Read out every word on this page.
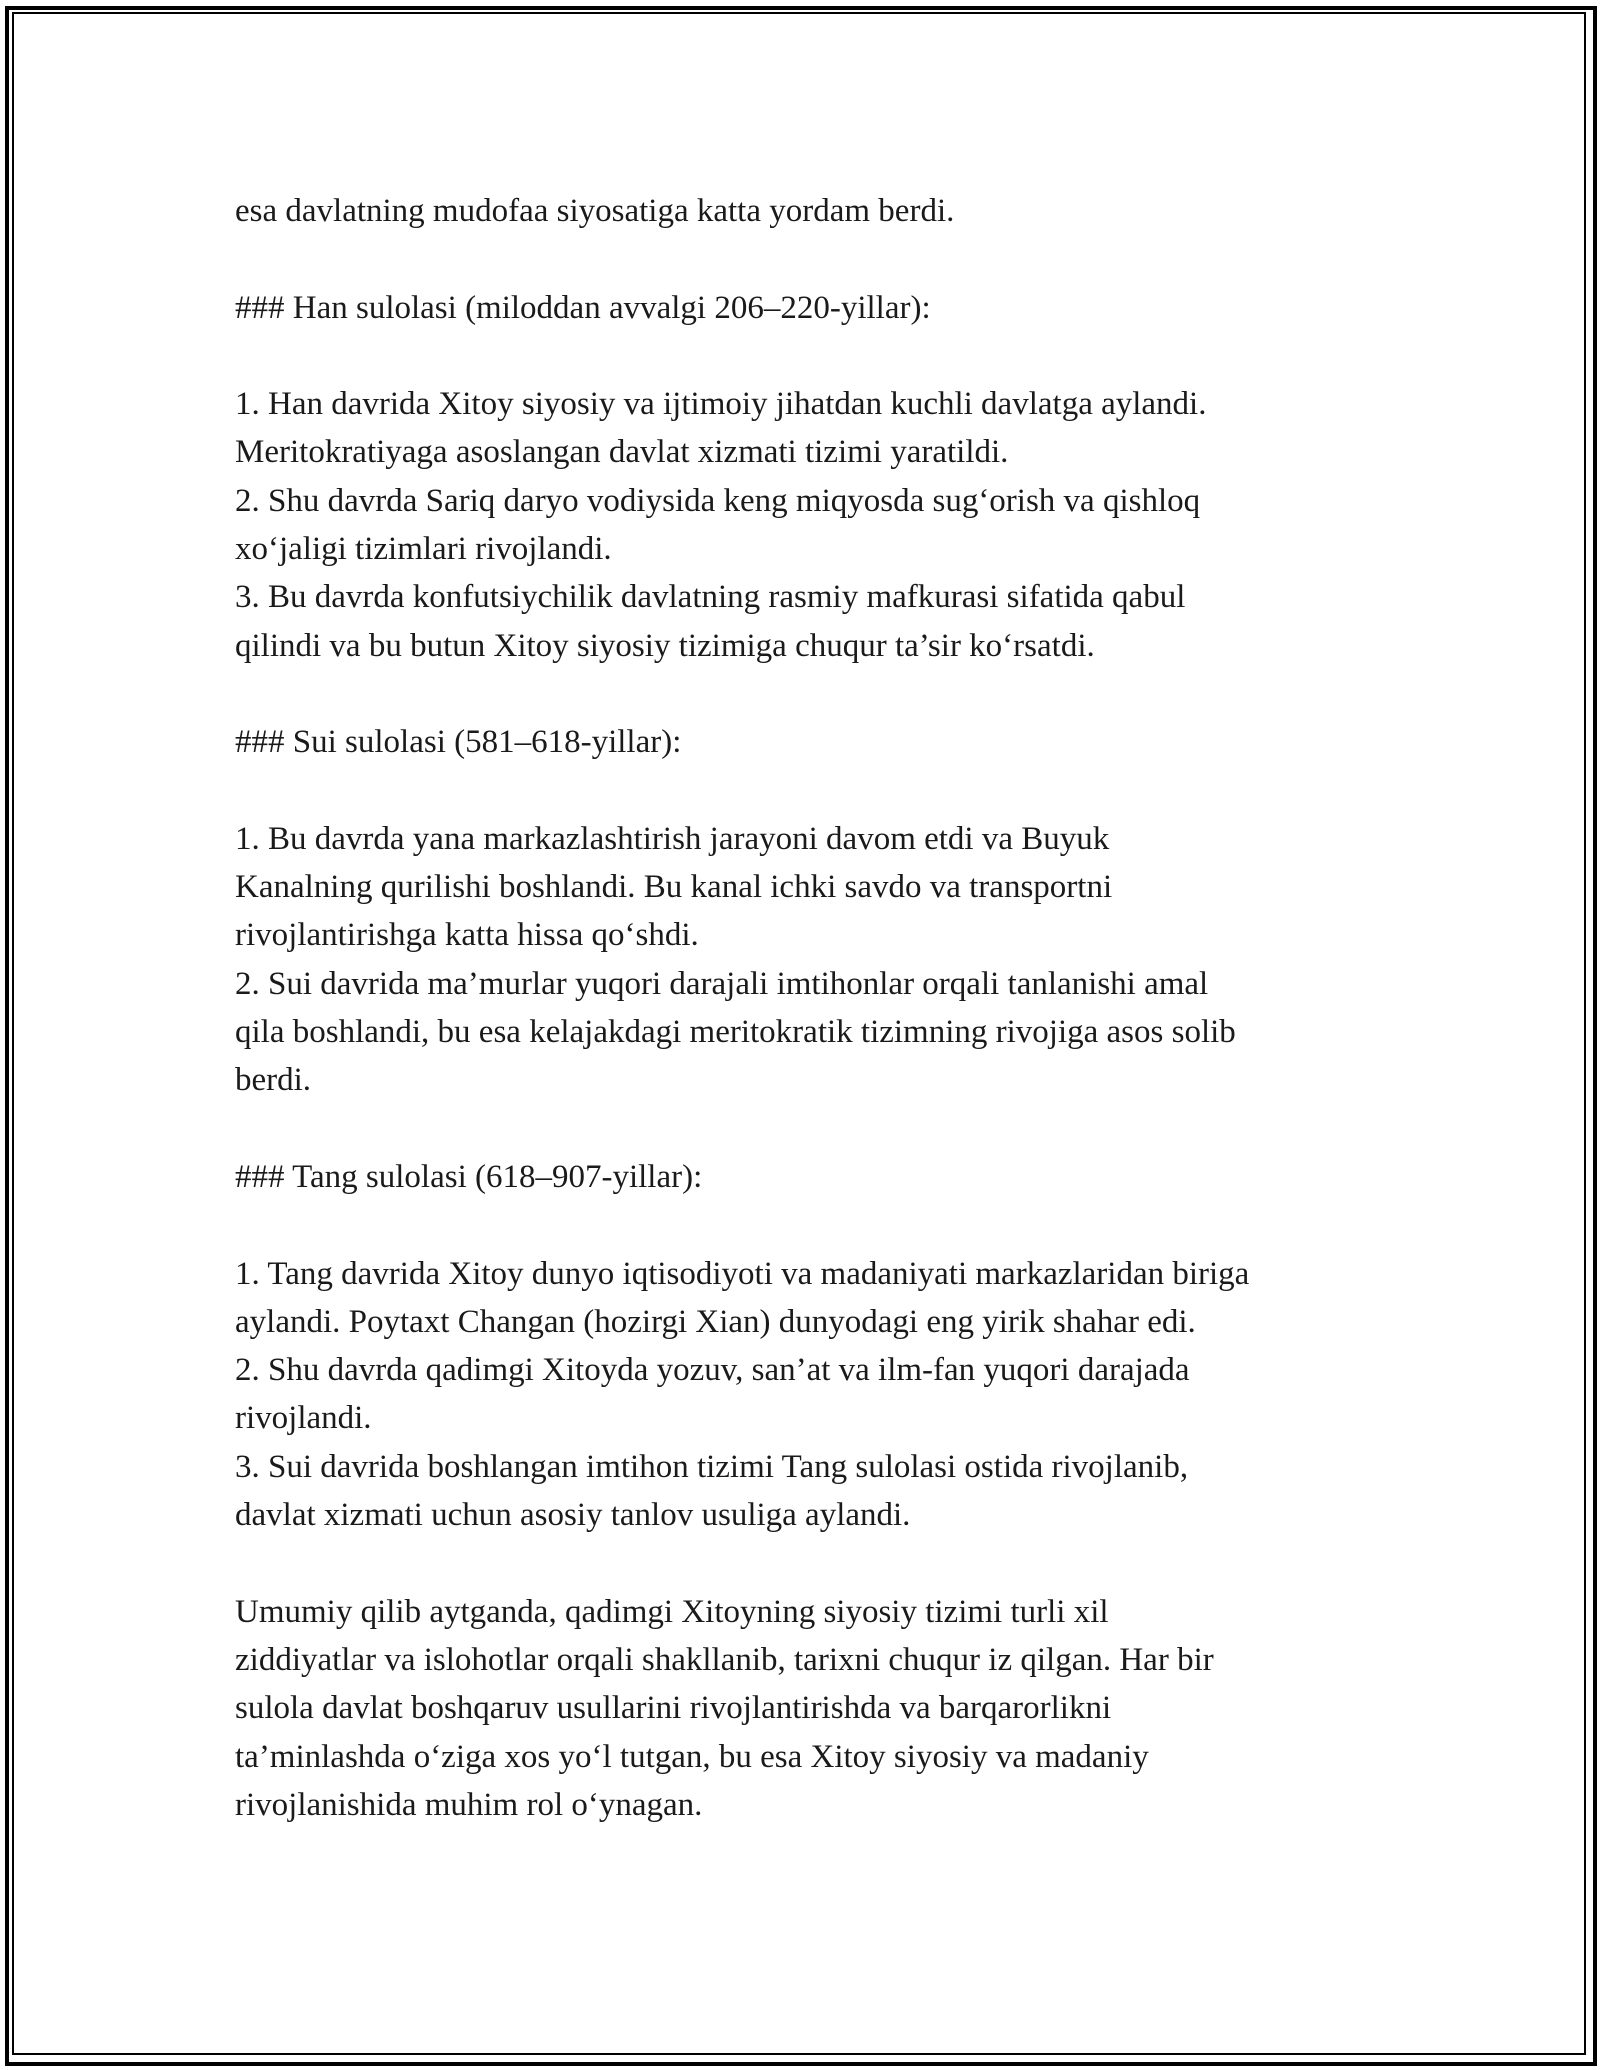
esa davlatning mudofaa siyosatiga katta yordam berdi.
### Han sulolasi (miloddan avvalgi 206–220-yillar):
1. Han davrida Xitoy siyosiy va ijtimoiy jihatdan kuchli davlatga aylandi.
Meritokratiyaga asoslangan davlat xizmati tizimi yaratildi.
2. Shu davrda Sariq daryo vodiysida keng miqyosda sug‘orish va qishloq
xo‘jaligi tizimlari rivojlandi.
3. Bu davrda konfutsiychilik davlatning rasmiy mafkurasi sifatida qabul
qilindi va bu butun Xitoy siyosiy tizimiga chuqur ta’sir ko‘rsatdi.
### Sui sulolasi (581–618-yillar):
1. Bu davrda yana markazlashtirish jarayoni davom etdi va Buyuk
Kanalning qurilishi boshlandi. Bu kanal ichki savdo va transportni
rivojlantirishga katta hissa qo‘shdi.
2. Sui davrida ma’murlar yuqori darajali imtihonlar orqali tanlanishi amal
qila boshlandi, bu esa kelajakdagi meritokratik tizimning rivojiga asos solib
berdi.
### Tang sulolasi (618–907-yillar):
1. Tang davrida Xitoy dunyo iqtisodiyoti va madaniyati markazlaridan biriga
aylandi. Poytaxt Changan (hozirgi Xian) dunyodagi eng yirik shahar edi.
2. Shu davrda qadimgi Xitoyda yozuv, san’at va ilm-fan yuqori darajada
rivojlandi.
3. Sui davrida boshlangan imtihon tizimi Tang sulolasi ostida rivojlanib,
davlat xizmati uchun asosiy tanlov usuliga aylandi.
Umumiy qilib aytganda, qadimgi Xitoyning siyosiy tizimi turli xil
ziddiyatlar va islohotlar orqali shakllanib, tarixni chuqur iz qilgan. Har bir
sulola davlat boshqaruv usullarini rivojlantirishda va barqarorlikni
ta’minlashda o‘ziga xos yo‘l tutgan, bu esa Xitoy siyosiy va madaniy
rivojlanishida muhim rol o‘ynagan.
